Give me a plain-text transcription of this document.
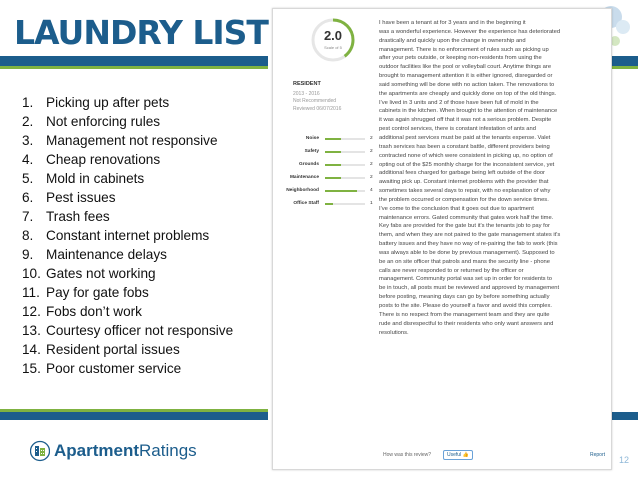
LAUNDRY LIST
1. Picking up after pets
2. Not enforcing rules
3. Management not responsive
4. Cheap renovations
5. Mold in cabinets
6. Pest issues
7. Trash fees
8. Constant internet problems
9. Maintenance delays
10. Gates not working
11. Pay for gate fobs
12. Fobs don’t work
13. Courtesy officer not responsive
14. Resident portal issues
15. Poor customer service
ApartmentRatings
2.0
Scale of 5
RESIDENT
2013 - 2016
Not Recommended
Reviewed 06/07/2016
Noise	2
Safety	2
Grounds	2
Maintenance	2
Neighborhood	4
Office Staff	1
I have been a tenant at for 3 years and in the beginning it
was a wonderful experience. However the experience has deteriorated
drastically and quickly upon the change in ownership and
management. There is no enforcement of rules such as picking up
after your pets outside, or keeping non-residents from using the
outdoor facilities like the pool or volleyball court. Anytime things are
brought to management attention it is either ignored, disregarded or
said something will be done with no action taken. The renovations to
the apartments are cheaply and quickly done on top of the old things.
I've lived in 3 units and 2 of those have been full of mold in the
cabinets in the kitchen. When brought to the attention of maintenance
it was again shrugged off that it was not a serious problem. Despite
pest control services, there is constant infestation of ants and
additional pest services must be paid at the tenants expense. Valet
trash services has been a constant battle, different providers being
contracted none of which were consistent in picking up, no option of
opting out of the $25 monthly charge for the inconsistent service, yet
additional fees charged for garbage being left outside of the door
awaiting pick up. Constant internet problems with the provider that
sometimes takes several days to repair, with no explanation of why
the problem occurred or compensation for the down service times.
I've come to the conclusion that it goes out due to apartment
maintenance errors. Gated community that gates work half the time.
Key fabs are provided for the gate but it's the tenants job to pay for
them, and when they are not paired to the gate management states it's
battery issues and they have no way of re-pairing the fab to work (this
was always able to be done by previous management). Supposed to
be an on site officer that patrols and mans the security line - phone
calls are never responded to or returned by the officer or
management. Community portal was set up in order for residents to
be in touch, all posts must be reviewed and approved by management
before posting, meaning days can go by before something actually
posts to the site. Please do yourself a favor and avoid this complex.
There is no respect from the management team and they are quite
rude and disrespectful to their residents who only want answers and
resolutions.
How was this review?	Useful 👍	Report 12
